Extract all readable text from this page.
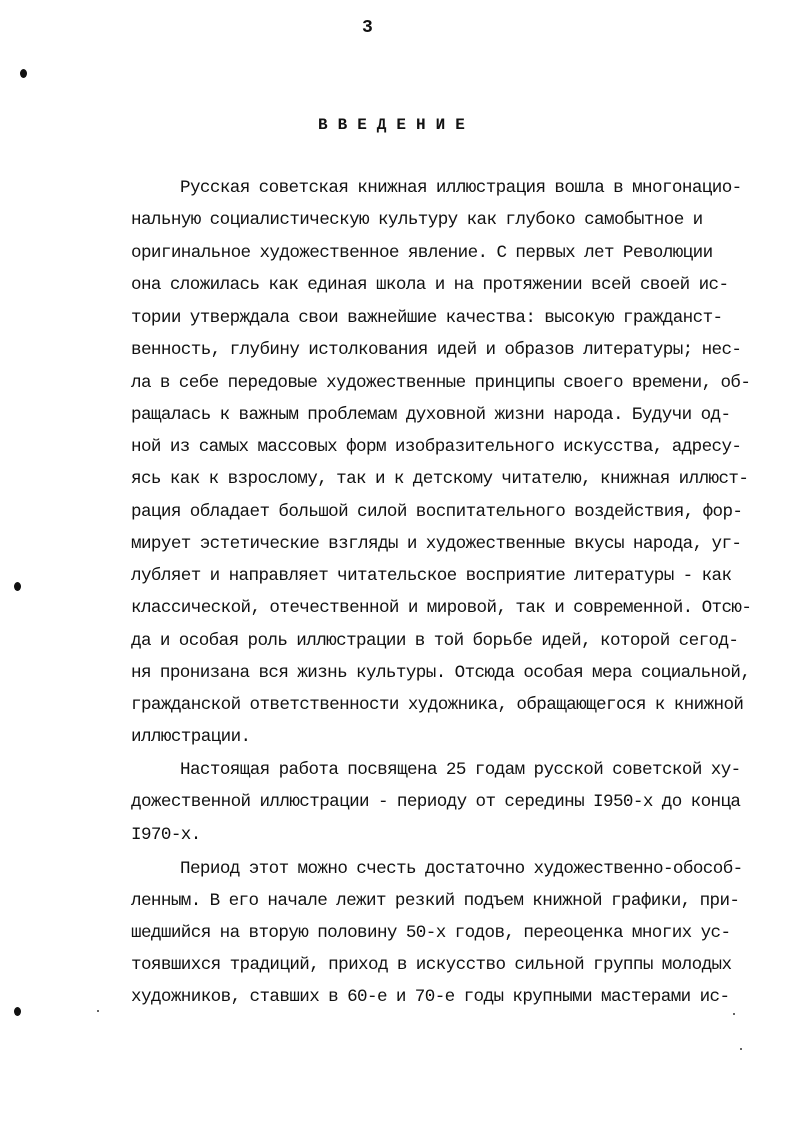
3
ВВЕДЕНИЕ
Русская советская книжная иллюстрация вошла в многонацио-
нальную социалистическую культуру как глубоко самобытное и
оригинальное художественное явление. С первых лет Революции
она сложилась как единая школа и на протяжении всей своей ис-
тории утверждала свои важнейшие качества: высокую гражданст-
венность, глубину истолкования идей и образов литературы; нес-
ла в себе передовые художественные принципы своего времени, об-
ращалась к важным проблемам духовной жизни народа. Будучи од-
ной из самых массовых форм изобразительного искусства, адресу-
ясь как к взрослому, так и к детскому читателю, книжная иллюст-
рация обладает большой силой воспитательного воздействия, фор-
мирует эстетические взгляды и художественные вкусы народа, уг-
лубляет и направляет читательское восприятие литературы - как
классической, отечественной и мировой, так и современной. Отсю-
да и особая роль иллюстрации в той борьбе идей, которой сегод-
ня пронизана вся жизнь культуры. Отсюда особая мера социальной,
гражданской ответственности художника, обращающегося к книжной
иллюстрации.
Настоящая работа посвящена 25 годам русской советской ху-
дожественной иллюстрации - периоду от середины I950-х до конца
I970-х.
Период этот можно счесть достаточно художественно-обособ-
ленным. В его начале лежит резкий подъем книжной графики, при-
шедшийся на вторую половину 50-х годов, переоценка многих ус-
тоявшихся традиций, приход в искусство сильной группы молодых
художников, ставших в 60-е и 70-е годы крупными мастерами ис-
